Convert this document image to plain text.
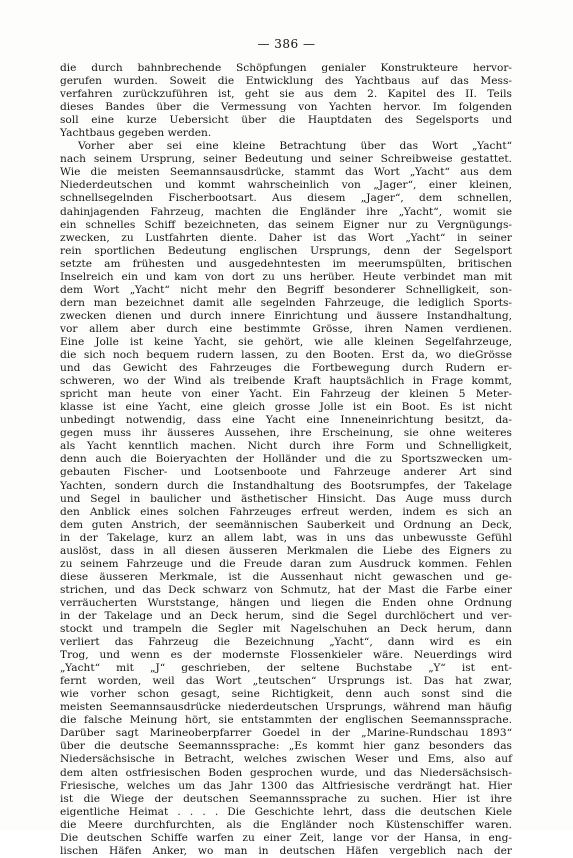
— 386 —
die durch bahnbrechende Schöpfungen genialer Konstrukteure hervor-
gerufen wurden. Soweit die Entwicklung des Yachtbaus auf das Mess-
verfahren zurückzuführen ist, geht sie aus dem 2. Kapitel des II. Teils
dieses Bandes über die Vermessung von Yachten hervor. Im folgenden
soll eine kurze Uebersicht über die Hauptdaten des Segelsports und
Yachtbaus gegeben werden.
Vorher aber sei eine kleine Betrachtung über das Wort „Yacht“
nach seinem Ursprung, seiner Bedeutung und seiner Schreibweise gestattet.
Wie die meisten Seemannsausdrücke, stammt das Wort „Yacht“ aus dem
Niederdeutschen und kommt wahrscheinlich von „Jager“, einer kleinen,
schnellsegelnden Fischerbootsart. Aus diesem „Jager“, dem schnellen,
dahinjagenden Fahrzeug, machten die Engländer ihre „Yacht“, womit sie
ein schnelles Schiff bezeichneten, das seinem Eigner nur zu Vergnügungs-
zwecken, zu Lustfahrten diente. Daher ist das Wort „Yacht“ in seiner
rein sportlichen Bedeutung englischen Ursprungs, denn der Segelsport
setzte am frühesten und ausgedehntesten im meerumspülten, britischen
Inselreich ein und kam von dort zu uns herüber. Heute verbindet man mit
dem Wort „Yacht“ nicht mehr den Begriff besonderer Schnelligkeit, son-
dern man bezeichnet damit alle segelnden Fahrzeuge, die lediglich Sports-
zwecken dienen und durch innere Einrichtung und äussere Instandhaltung,
vor allem aber durch eine bestimmte Grösse, ihren Namen verdienen.
Eine Jolle ist keine Yacht, sie gehört, wie alle kleinen Segelfahrzeuge,
die sich noch bequem rudern lassen, zu den Booten. Erst da, wo dieGrösse
und das Gewicht des Fahrzeuges die Fortbewegung durch Rudern er-
schweren, wo der Wind als treibende Kraft hauptsächlich in Frage kommt,
spricht man heute von einer Yacht. Ein Fahrzeug der kleinen 5 Meter-
klasse ist eine Yacht, eine gleich grosse Jolle ist ein Boot. Es ist nicht
unbedingt notwendig, dass eine Yacht eine Inneneinrichtung besitzt, da-
gegen muss ihr äusseres Aussehen, ihre Erscheinung, sie ohne weiteres
als Yacht kenntlich machen. Nicht durch ihre Form und Schnelligkeit,
denn auch die Boieryachten der Holländer und die zu Sportszwecken um-
gebauten Fischer- und Lootsenboote und Fahrzeuge anderer Art sind
Yachten, sondern durch die Instandhaltung des Bootsrumpfes, der Takelage
und Segel in baulicher und ästhetischer Hinsicht. Das Auge muss durch
den Anblick eines solchen Fahrzeuges erfreut werden, indem es sich an
dem guten Anstrich, der seemännischen Sauberkeit und Ordnung an Deck,
in der Takelage, kurz an allem labt, was in uns das unbewusste Gefühl
auslöst, dass in all diesen äusseren Merkmalen die Liebe des Eigners zu
zu seinem Fahrzeuge und die Freude daran zum Ausdruck kommen. Fehlen
diese äusseren Merkmale, ist die Aussenhaut nicht gewaschen und ge-
strichen, und das Deck schwarz von Schmutz, hat der Mast die Farbe einer
verräucherten Wurststange, hängen und liegen die Enden ohne Ordnung
in der Takelage und an Deck herum, sind die Segel durchlöchert und ver-
stockt und trampeln die Segler mit Nagelschuhen an Deck herum, dann
verliert das Fahrzeug die Bezeichnung „Yacht“, dann wird es ein
Trog, und wenn es der modernste Flossenkieler wäre. Neuerdings wird
„Yacht“ mit „J“ geschrieben, der seltene Buchstabe „Y“ ist ent-
fernt worden, weil das Wort „teutschen“ Ursprungs ist. Das hat zwar,
wie vorher schon gesagt, seine Richtigkeit, denn auch sonst sind die
meisten Seemannsausdrücke niederdeutschen Ursprungs, während man häufig
die falsche Meinung hört, sie entstammten der englischen Seemannssprache.
Darüber sagt Marineoberpfarrer Goedel in der „Marine-Rundschau 1893“
über die deutsche Seemannssprache: „Es kommt hier ganz besonders das
Niedersächsische in Betracht, welches zwischen Weser und Ems, also auf
dem alten ostfriesischen Boden gesprochen wurde, und das Niedersächsisch-
Friesische, welches um das Jahr 1300 das Altfriesische verdrängt hat. Hier
ist die Wiege der deutschen Seemannssprache zu suchen. Hier ist ihre
eigentliche Heimat . . . . Die Geschichte lehrt, dass die deutschen Kiele
die Meere durchfurchten, als die Engländer noch Küstenschiffer waren.
Die deutschen Schiffe warfen zu einer Zeit, lange vor der Hansa, in eng-
lischen Häfen Anker, wo man in deutschen Häfen vergeblich nach der
